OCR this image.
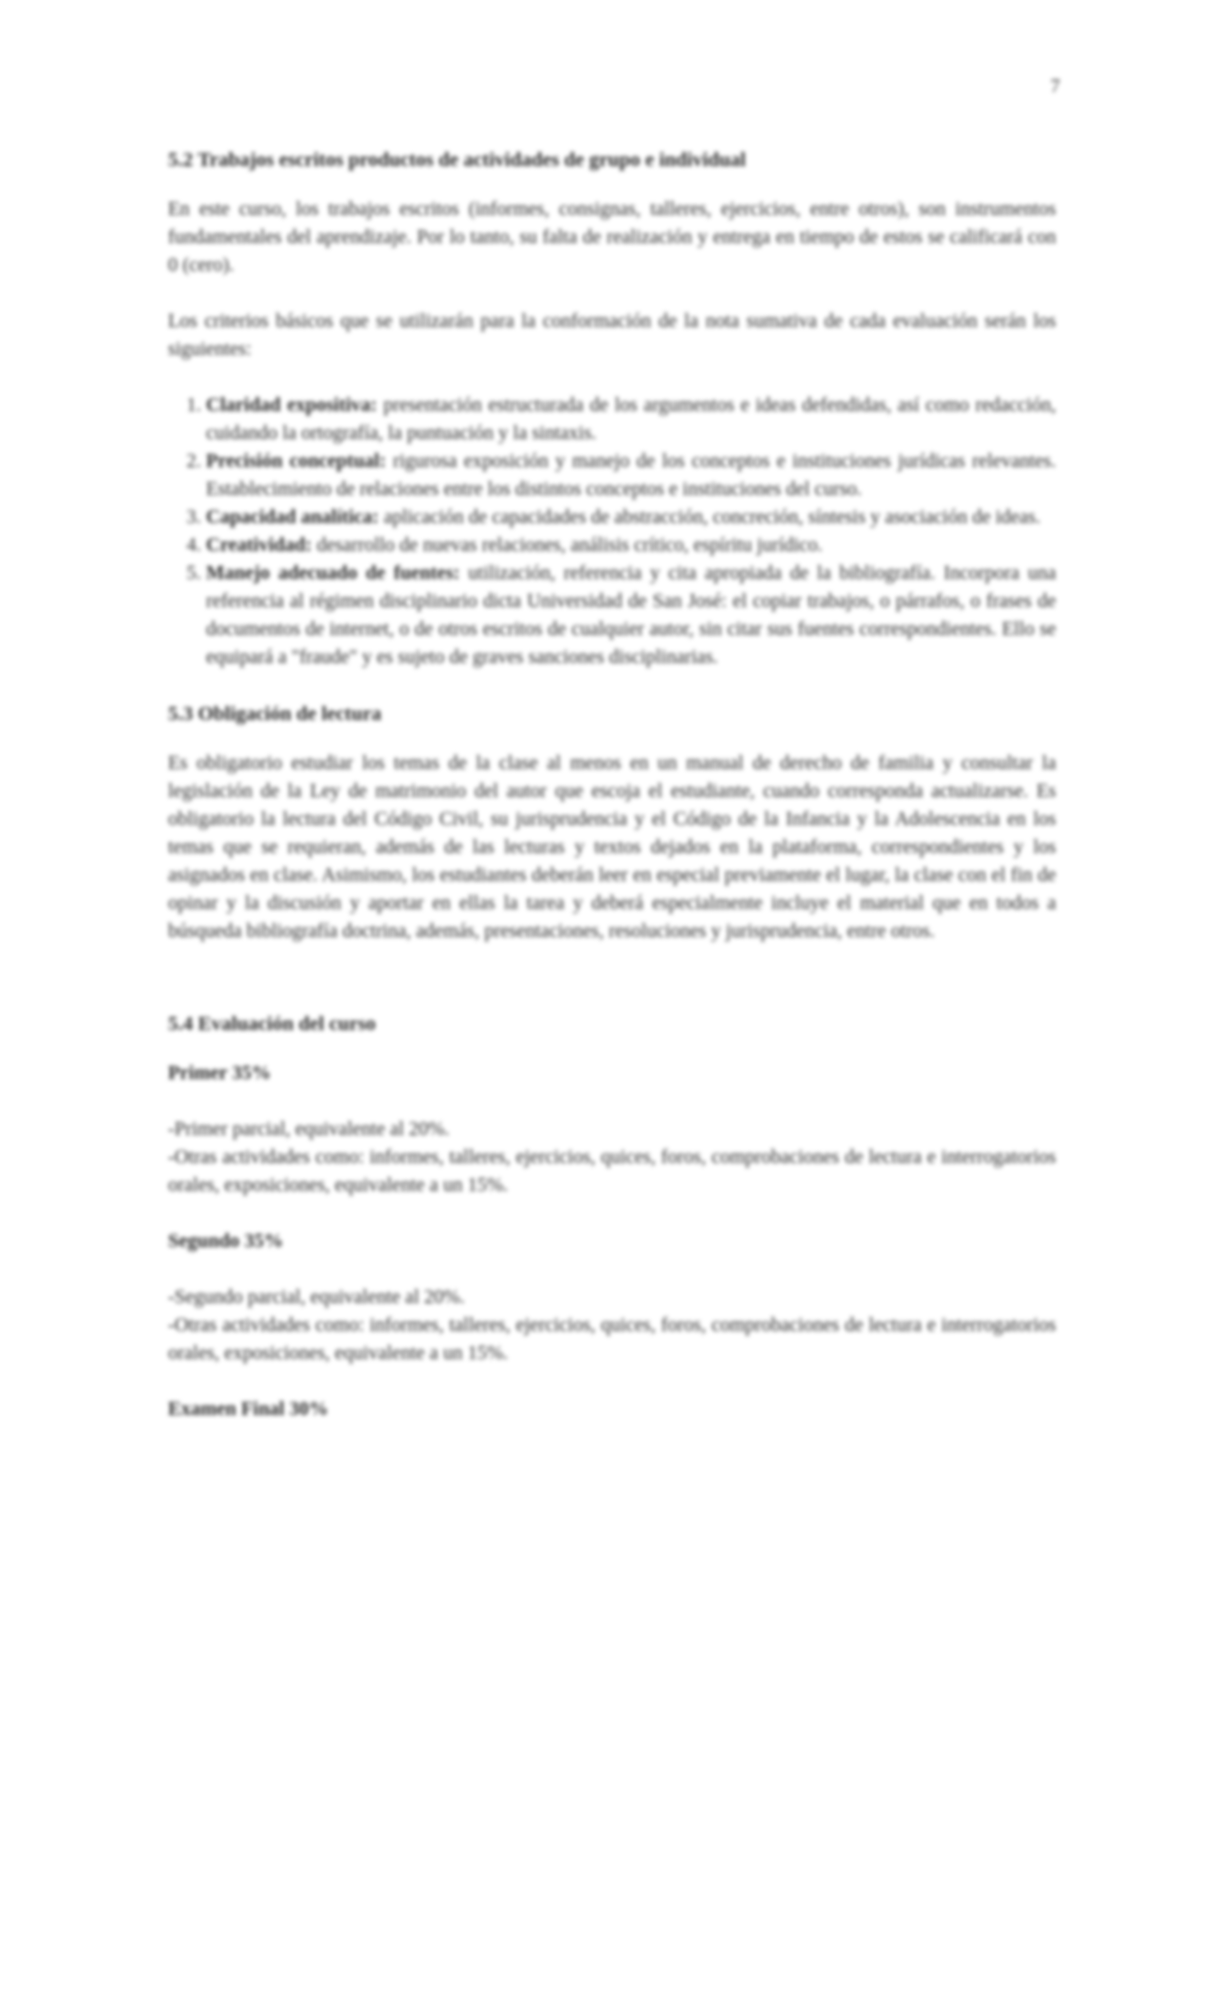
7
5.2 Trabajos escritos productos de actividades de grupo e individual

En este curso, los trabajos escritos (informes, consignas, talleres, ejercicios, entre otros), son instrumentos fundamentales del aprendizaje. Por lo tanto, su falta de realización y entrega en tiempo de estos se calificará con 0 (cero).

Los criterios básicos que se utilizarán para la conformación de la nota sumativa de cada evaluación serán los siguientes:

1. Claridad expositiva: presentación estructurada de los argumentos e ideas defendidas, así como redacción, cuidando la ortografía, la puntuación y la sintaxis.
2. Precisión conceptual: rigurosa exposición y manejo de los conceptos e instituciones jurídicas relevantes. Establecimiento de relaciones entre los distintos conceptos e instituciones del curso.
3. Capacidad analítica: aplicación de capacidades de abstracción, concreción, síntesis y asociación de ideas.
4. Creatividad: desarrollo de nuevas relaciones, análisis crítico, espíritu jurídico.
5. Manejo adecuado de fuentes: utilización, referencia y cita apropiada de la bibliografía. Incorpora una referencia al régimen disciplinario dicta Universidad de San José: el copiar trabajos, o párrafos, o frases de documentos de internet, o de otros escritos de cualquier autor, sin citar sus fuentes correspondientes. Ello se equipará a "fraude" y es sujeto de graves sanciones disciplinarias.
5.3 Obligación de lectura

Es obligatorio estudiar los temas de la clase al menos en un manual de derecho de familia y consultar la legislación de la Ley de matrimonio del autor que escoja el estudiante, cuando corresponda actualizarse. Es obligatorio la lectura del Código Civil, su jurisprudencia y el Código de la Infancia y la Adolescencia en los temas que se requieran, además de las lecturas y textos dejados en la plataforma, correspondientes y los asignados en clase. Asimismo, los estudiantes deberán leer en especial previamente el lugar, la clase con el fin de opinar y la discusión y aportar en ellas la tarea y deberá especialmente incluye el material que en todos a búsqueda bibliografía doctrina, además, presentaciones, resoluciones y jurisprudencia, entre otros.

5.4 Evaluación del curso
Primer 35%

-Primer parcial, equivalente al 20%.

-Otras actividades como: informes, talleres, ejercicios, quices, foros, comprobaciones de lectura e interrogatorios orales, exposiciones, equivalente a un 15%.

Segundo 35%

-Segundo parcial, equivalente al 20%.

-Otras actividades como: informes, talleres, ejercicios, quices, foros, comprobaciones de lectura e interrogatorios orales, exposiciones, equivalente a un 15%.

Examen Final 30%
